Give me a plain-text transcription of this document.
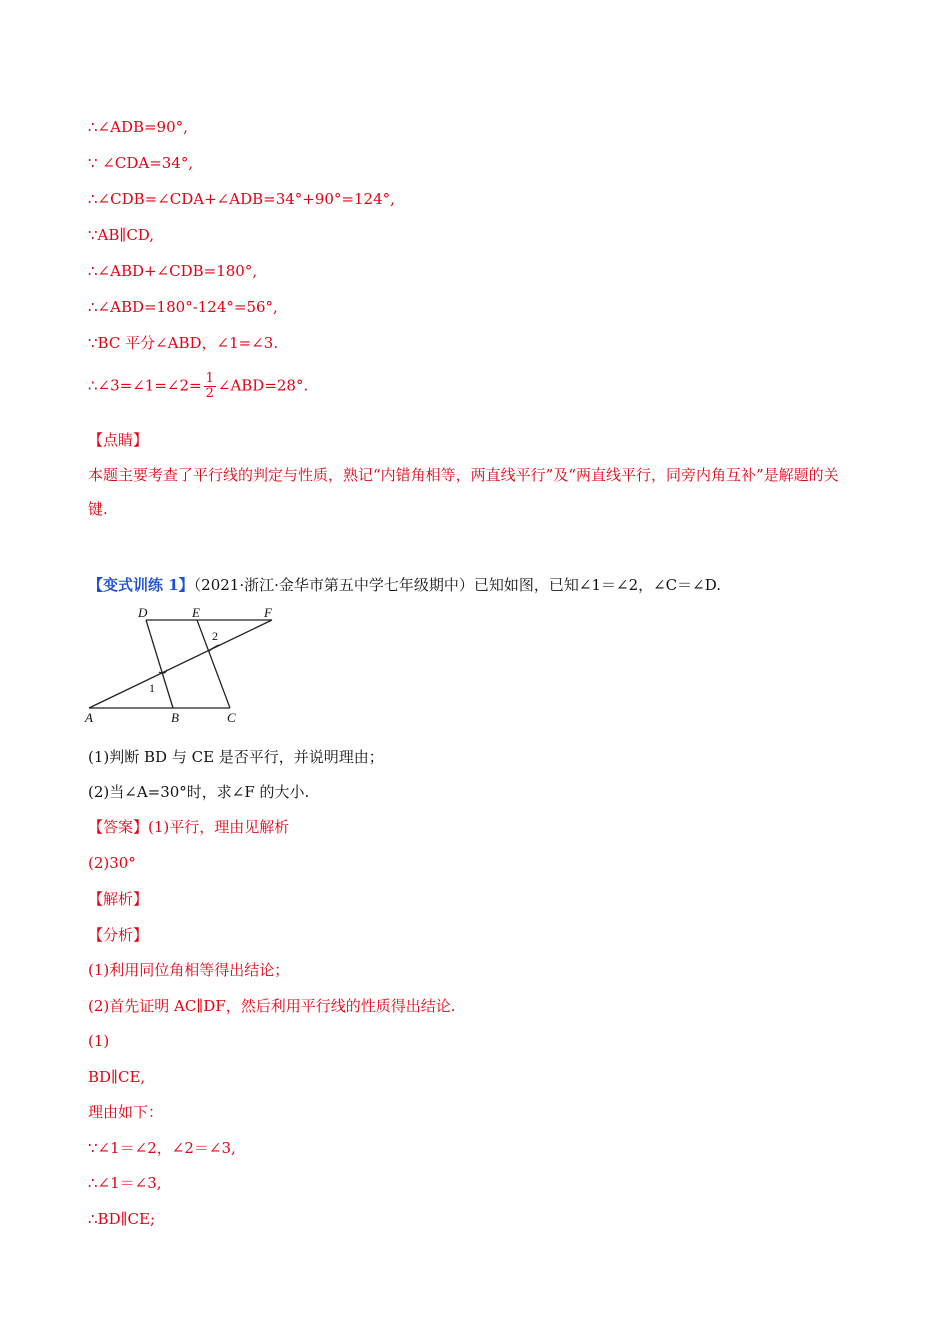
∴∠ADB=90°,
∵ ∠CDA=34°,
∴∠CDB=∠CDA+∠ADB=34°+90°=124°,
∵AB∥CD,
∴∠ABD+∠CDB=180°,
∴∠ABD=180°-124°=56°,
∵BC 平分∠ABD，∠1=∠3.
∴∠3=∠1=∠2= $\frac{1}{2}$ ∠ABD=28°.
【点睛】
本题主要考查了平行线的判定与性质，熟记“内错角相等，两直线平行”及“两直线平行，同旁内角互补”是解题的关键.
【变式训练 1】（2021·浙江·金华市第五中学七年级期中）已知如图，已知∠1＝∠2，∠C＝∠D.
D	E	F
A	B	C
1
2
(1)判断 BD 与 CE 是否平行，并说明理由；
(2)当∠A=30°时，求∠F 的大小.
【答案】(1)平行，理由见解析
(2)30°
【解析】
【分析】
(1)利用同位角相等得出结论；
(2)首先证明 AC∥DF，然后利用平行线的性质得出结论.
(1)
BD∥CE,
理由如下：
∵∠1＝∠2，∠2＝∠3,
∴∠1＝∠3,
∴BD∥CE;
